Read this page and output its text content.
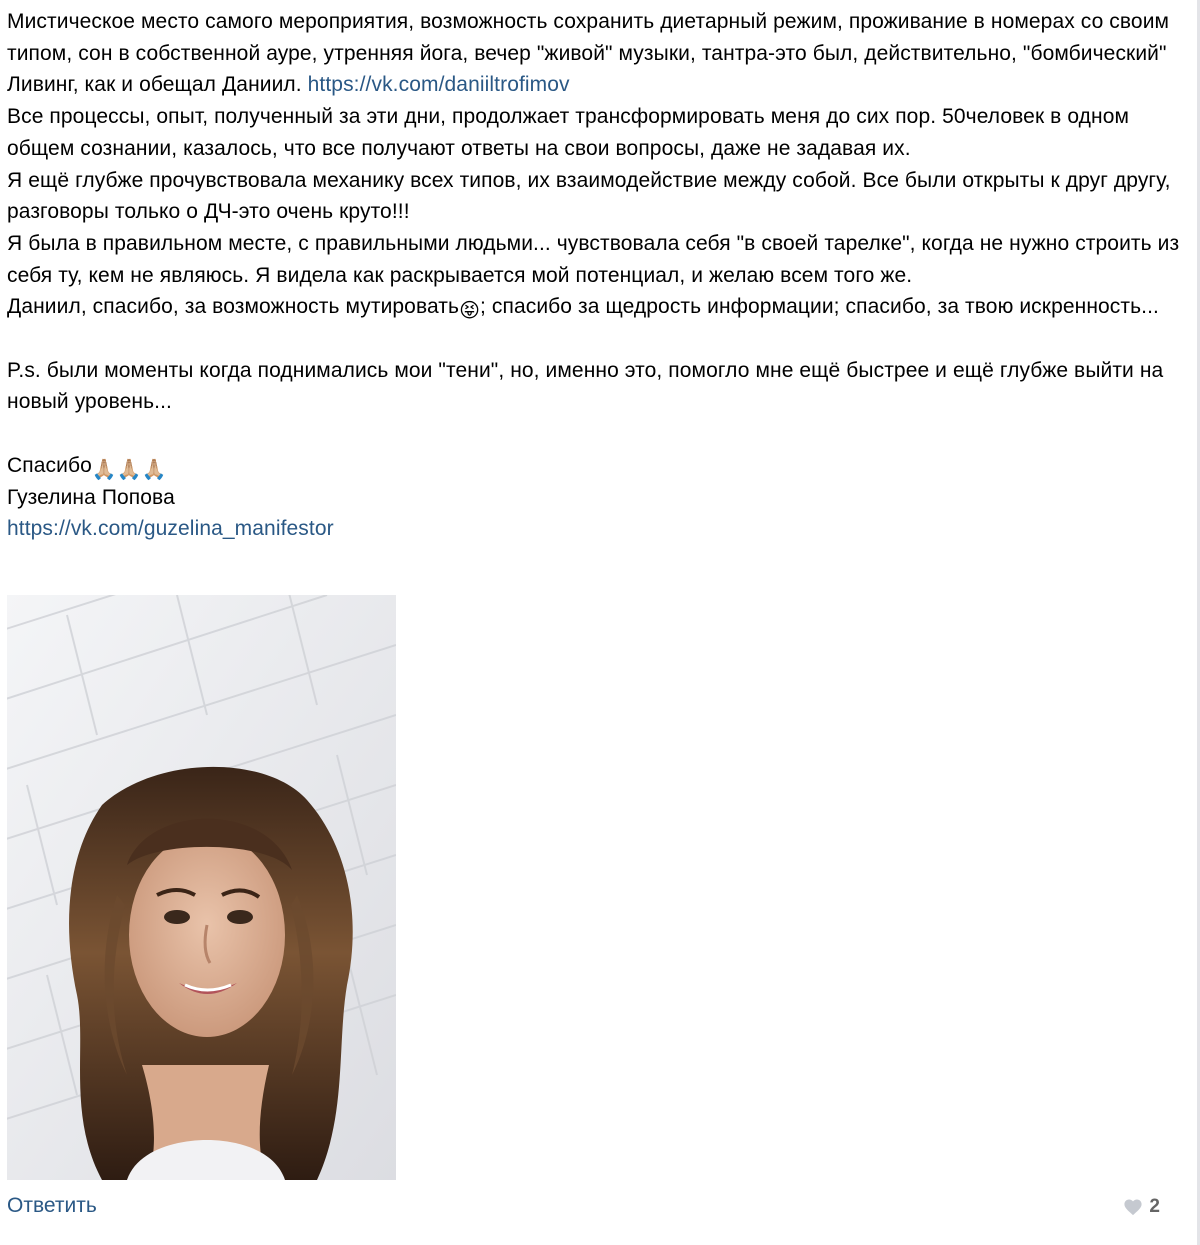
Мистическое место самого мероприятия, возможность сохранить диетарный режим, проживание в номерах со своим типом, сон в собственной ауре, утренняя йога, вечер "живой" музыки, тантра-это был, действительно, "бомбический" Ливинг, как и обещал Даниил. https://vk.com/daniiltrofimov

Все процессы, опыт, полученный за эти дни, продолжает трансформировать меня до сих пор. 50человек в одном общем сознании, казалось, что все получают ответы на свои вопросы, даже не задавая их.

Я ещё глубже прочувствовала механику всех типов, их взаимодействие между собой. Все были открыты к друг другу, разговоры только о ДЧ-это очень круто!!!

Я была в правильном месте, с правильными людьми... чувствовала себя "в своей тарелке", когда не нужно строить из себя ту, кем не являюсь. Я видела как раскрывается мой потенциал, и желаю всем того же.

Даниил, спасибо, за возможность мутировать😝; спасибо за щедрость информации; спасибо, за твою искренность...

P.s. были моменты когда поднимались мои "тени", но, именно это, помогло мне ещё быстрее и ещё глубже выйти на новый уровень...

Спасибо🙏🏼🙏🏼🙏🏼

Гузелина Попова

https://vk.com/guzelina_manifestor

Ответить	2
